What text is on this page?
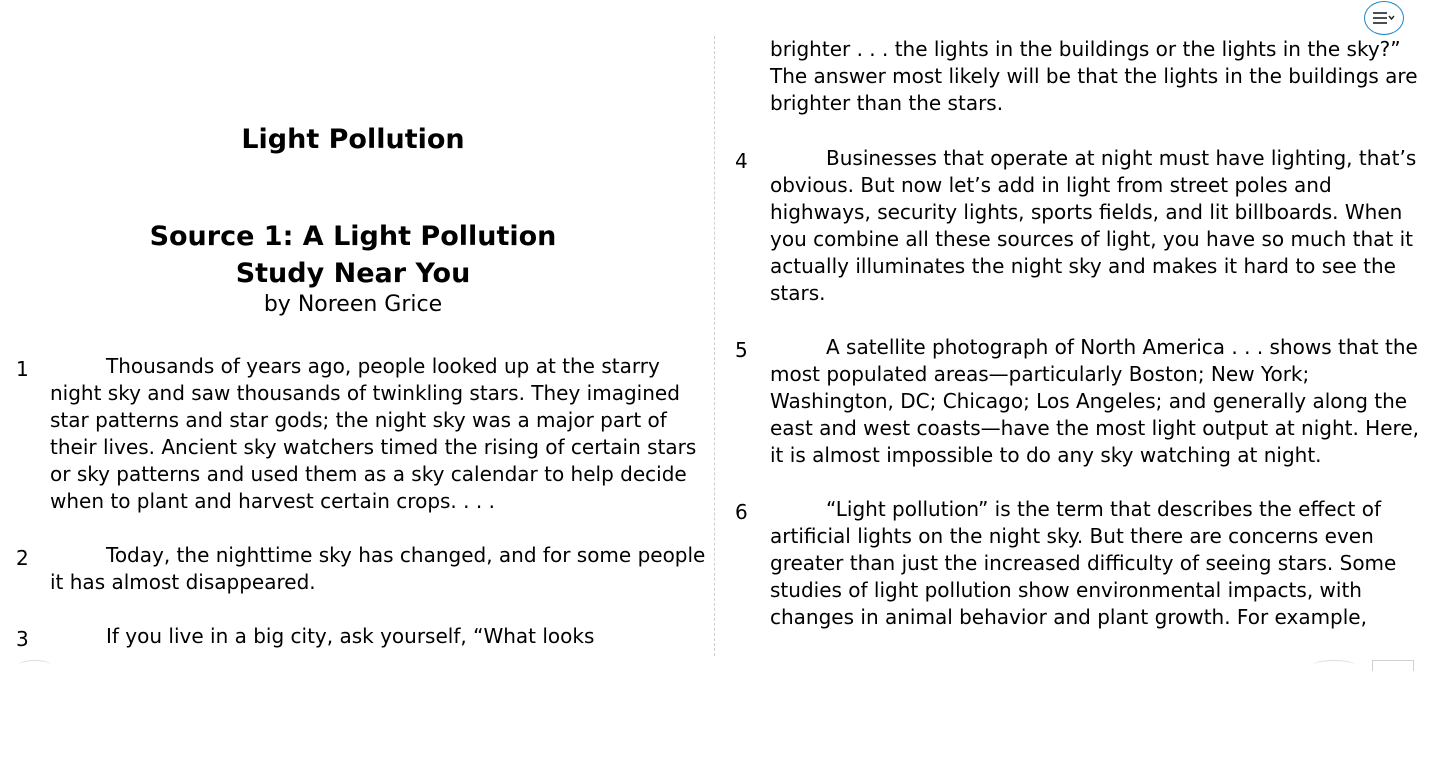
Light Pollution
Source 1: A Light Pollution
Study Near You

by Noreen Grice

1	Thousands of years ago, people looked up at the starry night sky and saw thousands of twinkling stars. They imagined star patterns and star gods; the night sky was a major part of their lives. Ancient sky watchers timed the rising of certain stars or sky patterns and used them as a sky calendar to help decide when to plant and harvest certain crops. . . .
2	Today, the nighttime sky has changed, and for some people it has almost disappeared.
3	If you live in a big city, ask yourself, “What looks

brighter . . . the lights in the buildings or the lights in the sky?” The answer most likely will be that the lights in the buildings are brighter than the stars.

4	Businesses that operate at night must have lighting, that’s obvious. But now let’s add in light from street poles and highways, security lights, sports fields, and lit billboards. When you combine all these sources of light, you have so much that it actually illuminates the night sky and makes it hard to see the stars.
5	A satellite photograph of North America . . . shows that the most populated areas—particularly Boston; New York; Washington, DC; Chicago; Los Angeles; and generally along the east and west coasts—have the most light output at night. Here, it is almost impossible to do any sky watching at night.
6	“Light pollution” is the term that describes the effect of artificial lights on the night sky. But there are concerns even greater than just the increased difficulty of seeing stars. Some studies of light pollution show environmental impacts, with changes in animal behavior and plant growth. For example,
